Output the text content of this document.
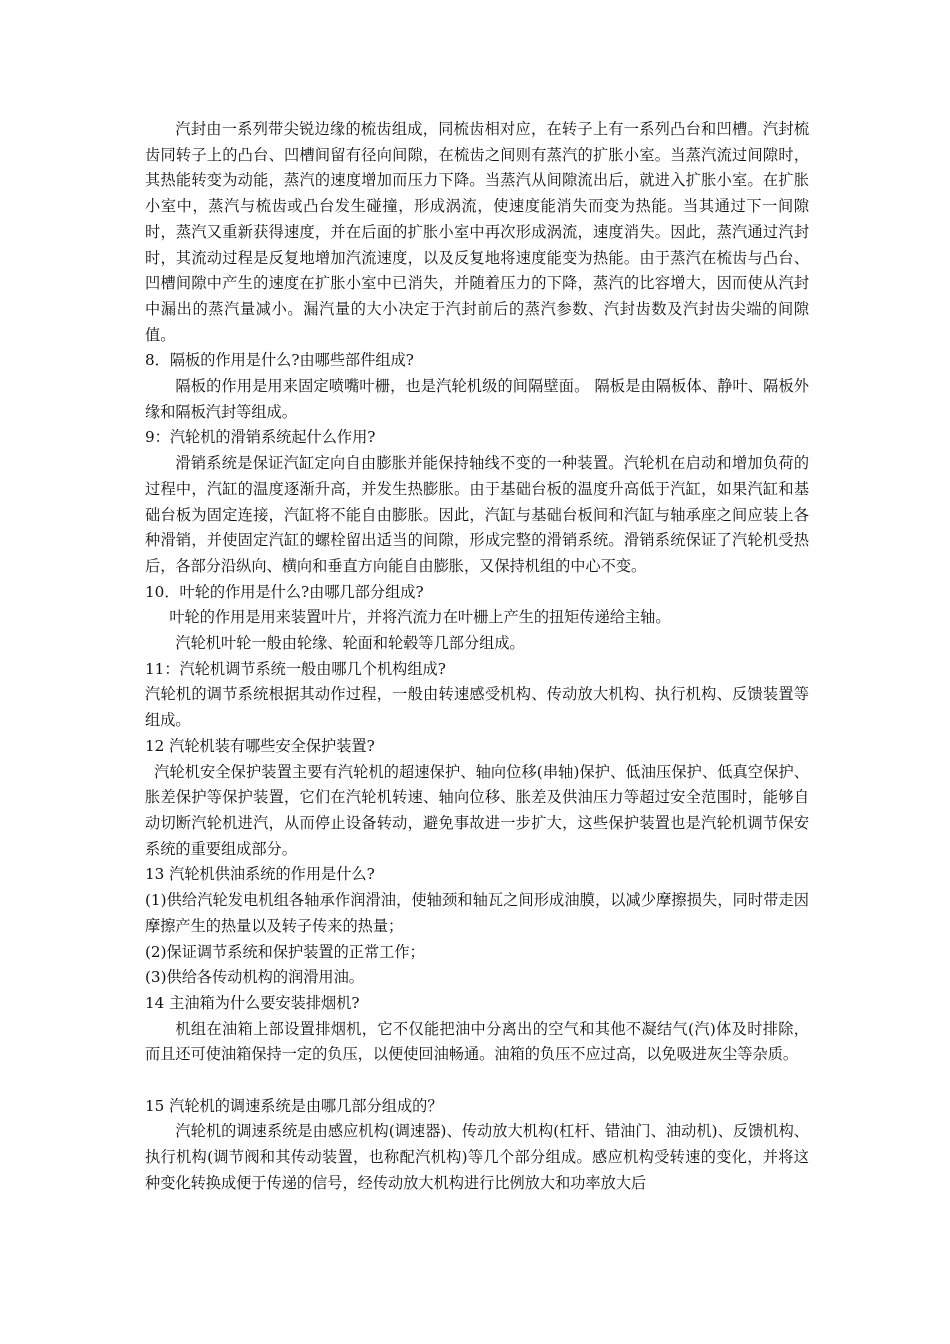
汽封由一系列带尖锐边缘的梳齿组成，同梳齿相对应，在转子上有一系列凸台和凹槽。汽封梳齿同转子上的凸台、凹槽间留有径向间隙，在梳齿之间则有蒸汽的扩胀小室。当蒸汽流过间隙时，其热能转变为动能，蒸汽的速度增加而压力下降。当蒸汽从间隙流出后，就进入扩胀小室。在扩胀小室中，蒸汽与梳齿或凸台发生碰撞，形成涡流，使速度能消失而变为热能。当其通过下一间隙时，蒸汽又重新获得速度，并在后面的扩胀小室中再次形成涡流，速度消失。因此，蒸汽通过汽封时，其流动过程是反复地增加汽流速度，以及反复地将速度能变为热能。由于蒸汽在梳齿与凸台、凹槽间隙中产生的速度在扩胀小室中已消失，并随着压力的下降，蒸汽的比容增大，因而使从汽封中漏出的蒸汽量减小。漏汽量的大小决定于汽封前后的蒸汽参数、汽封齿数及汽封齿尖端的间隙值。

8．隔板的作用是什么?由哪些部件组成?

隔板的作用是用来固定喷嘴叶栅，也是汽轮机级的间隔壁面。 隔板是由隔板体、静叶、隔板外缘和隔板汽封等组成。

9：汽轮机的滑销系统起什么作用?

滑销系统是保证汽缸定向自由膨胀并能保持轴线不变的一种装置。汽轮机在启动和增加负荷的过程中，汽缸的温度逐渐升高，并发生热膨胀。由于基础台板的温度升高低于汽缸，如果汽缸和基础台板为固定连接，汽缸将不能自由膨胀。因此，汽缸与基础台板间和汽缸与轴承座之间应装上各种滑销，并使固定汽缸的螺栓留出适当的间隙，形成完整的滑销系统。滑销系统保证了汽轮机受热后，各部分沿纵向、横向和垂直方向能自由膨胀，又保持机组的中心不变。

10．叶轮的作用是什么?由哪几部分组成?

叶轮的作用是用来装置叶片，并将汽流力在叶栅上产生的扭矩传递给主轴。

汽轮机叶轮一般由轮缘、轮面和轮毂等几部分组成。

11：汽轮机调节系统一般由哪几个机构组成?

汽轮机的调节系统根据其动作过程，一般由转速感受机构、传动放大机构、执行机构、反馈装置等组成。

12 汽轮机装有哪些安全保护装置?

汽轮机安全保护装置主要有汽轮机的超速保护、轴向位移(串轴)保护、低油压保护、低真空保护、胀差保护等保护装置，它们在汽轮机转速、轴向位移、胀差及供油压力等超过安全范围时，能够自动切断汽轮机进汽，从而停止设备转动，避免事故进一步扩大，这些保护装置也是汽轮机调节保安系统的重要组成部分。

13 汽轮机供油系统的作用是什么?

(1)供给汽轮发电机组各轴承作润滑油，使轴颈和轴瓦之间形成油膜，以减少摩擦损失，同时带走因摩擦产生的热量以及转子传来的热量；

(2)保证调节系统和保护装置的正常工作；

(3)供给各传动机构的润滑用油。

14 主油箱为什么要安装排烟机?

机组在油箱上部设置排烟机，它不仅能把油中分离出的空气和其他不凝结气(汽)体及时排除，而且还可使油箱保持一定的负压，以便使回油畅通。油箱的负压不应过高，以免吸进灰尘等杂质。

15 汽轮机的调速系统是由哪几部分组成的？

汽轮机的调速系统是由感应机构(调速器)、传动放大机构(杠杆、错油门、油动机)、反馈机构、执行机构(调节阀和其传动装置，也称配汽机构)等几个部分组成。感应机构受转速的变化，并将这种变化转换成便于传递的信号，经传动放大机构进行比例放大和功率放大后
